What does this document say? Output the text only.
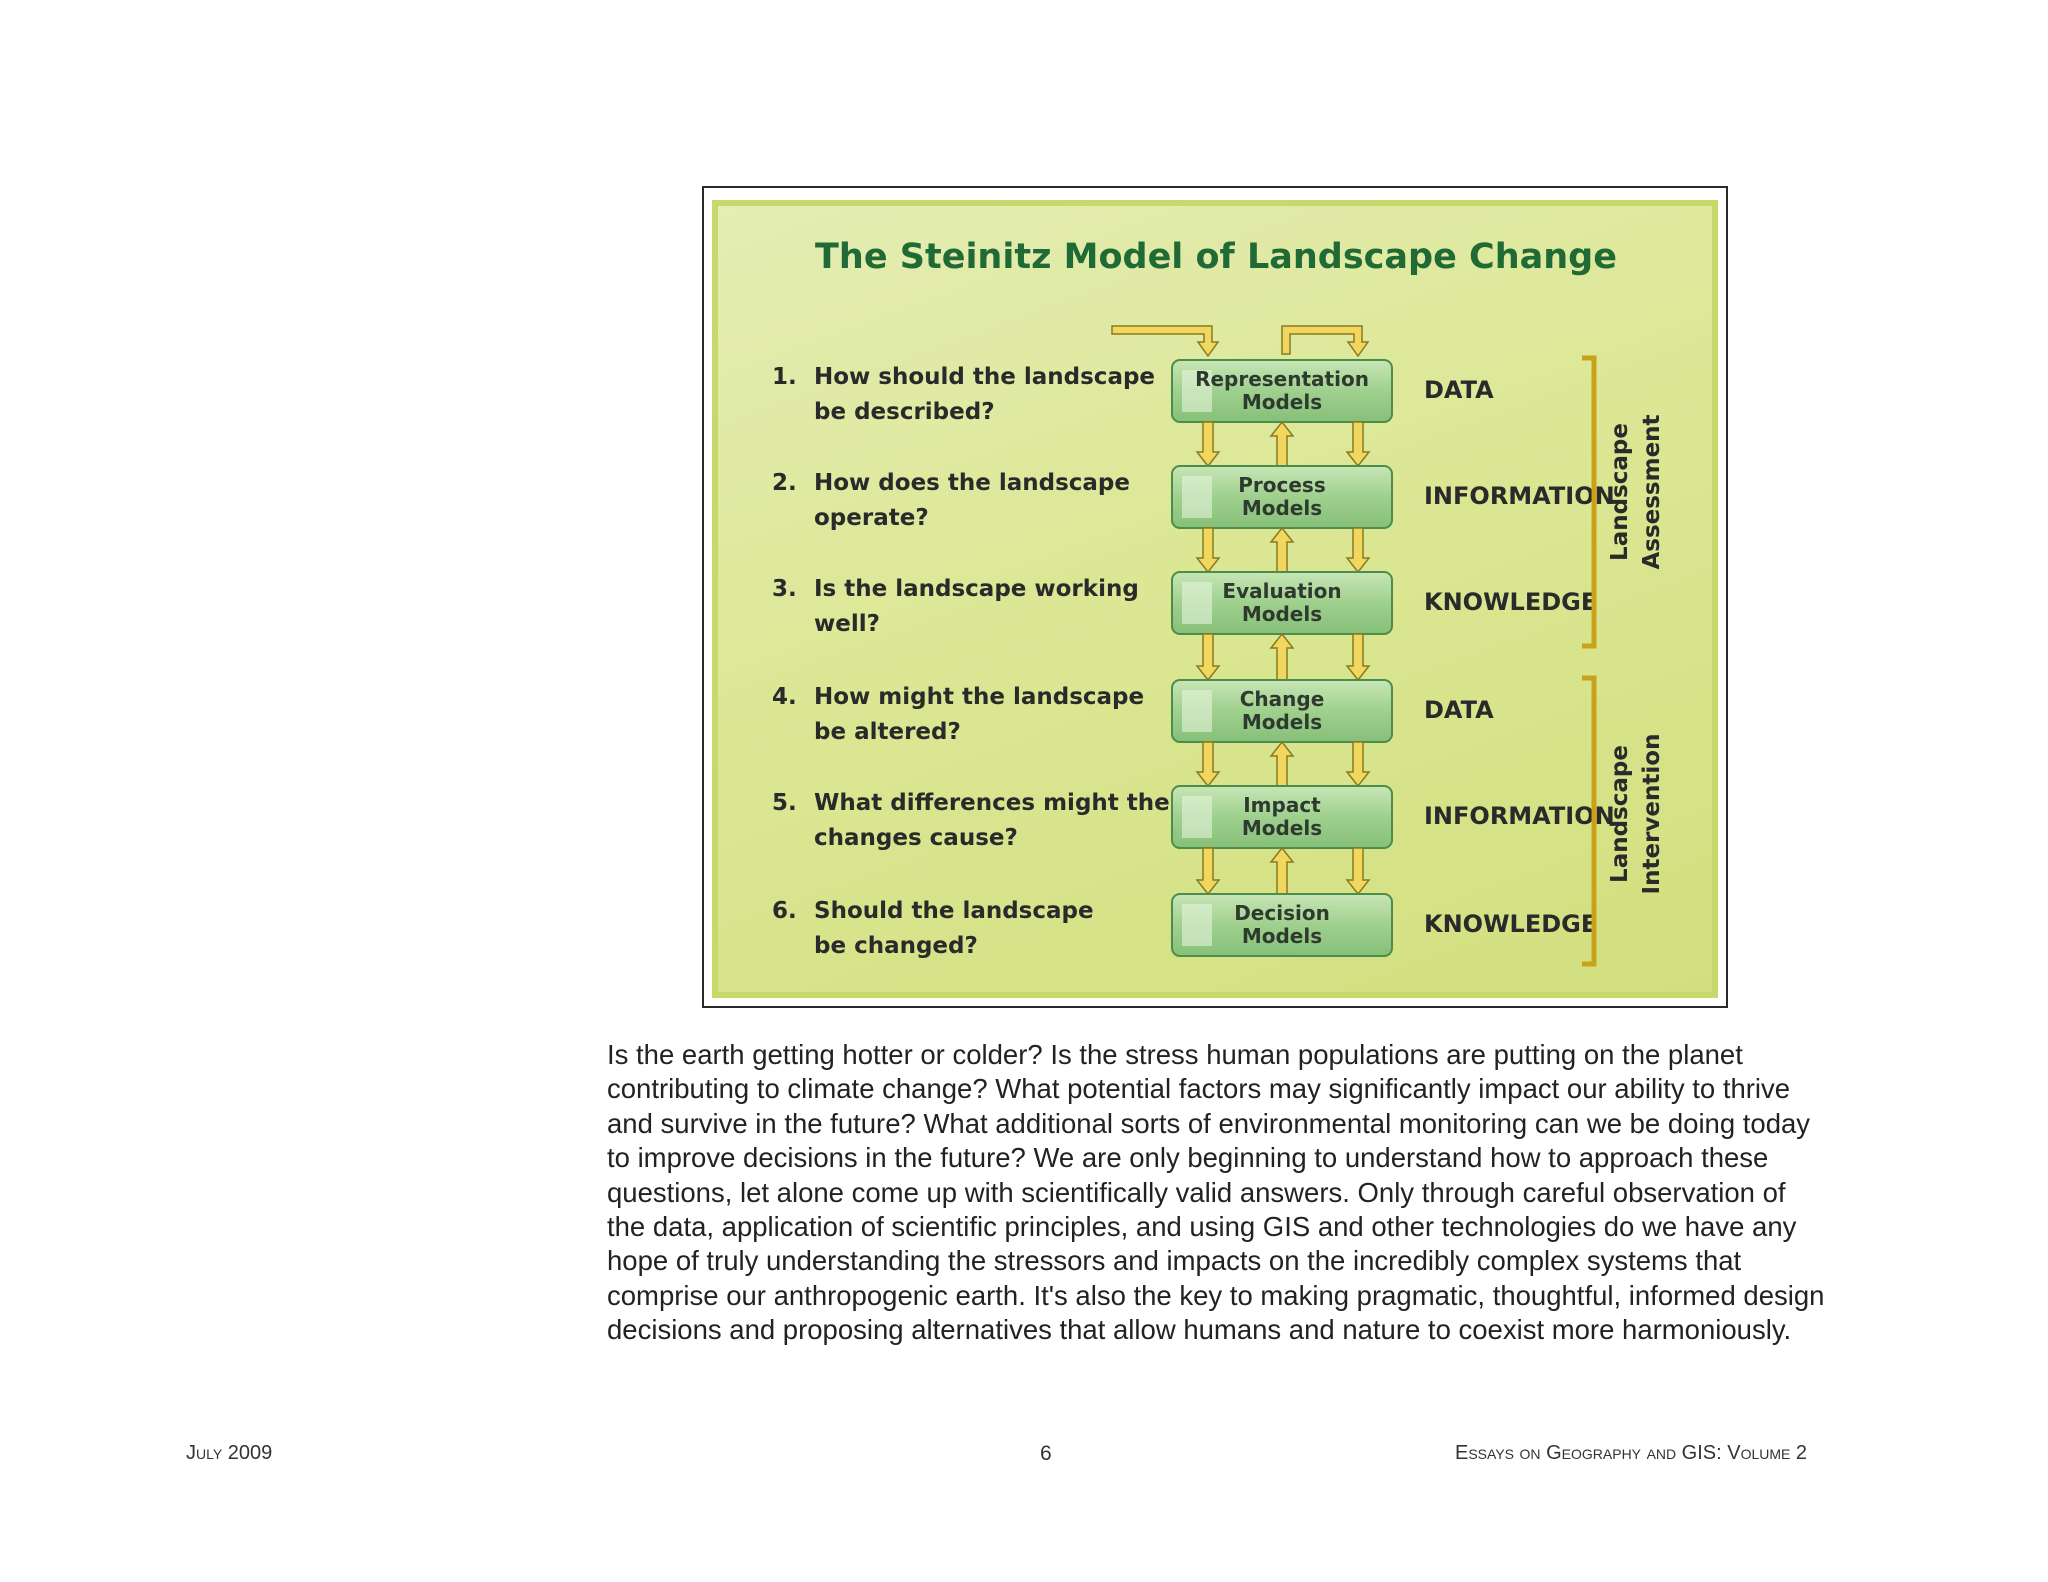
The Steinitz Model of Landscape Change
1. How should the landscape
be described?
Representation
Models	DATA
2. How does the landscape
operate?
Process
Models	INFORMATION
3. Is the landscape working
well?
Evaluation
Models	KNOWLEDGE
4. How might the landscape
be altered?
Change
Models	DATA
5. What differences might the
changes cause?
Impact
Models	INFORMATION
6. Should the landscape
be changed?
Decision
Models	KNOWLEDGE
Landscape Assessment
Landscape Intervention

Is the earth getting hotter or colder? Is the stress human populations are putting on the planet contributing to climate change? What potential factors may significantly impact our ability to thrive and survive in the future? What additional sorts of environmental monitoring can we be doing today to improve decisions in the future? We are only beginning to understand how to approach these questions, let alone come up with scientifically valid answers. Only through careful observation of the data, application of scientific principles, and using GIS and other technologies do we have any hope of truly understanding the stressors and impacts on the incredibly complex systems that comprise our anthropogenic earth. It's also the key to making pragmatic, thoughtful, informed design decisions and proposing alternatives that allow humans and nature to coexist more harmoniously.

July 2009	6	Essays on Geography and GIS: Volume 2
